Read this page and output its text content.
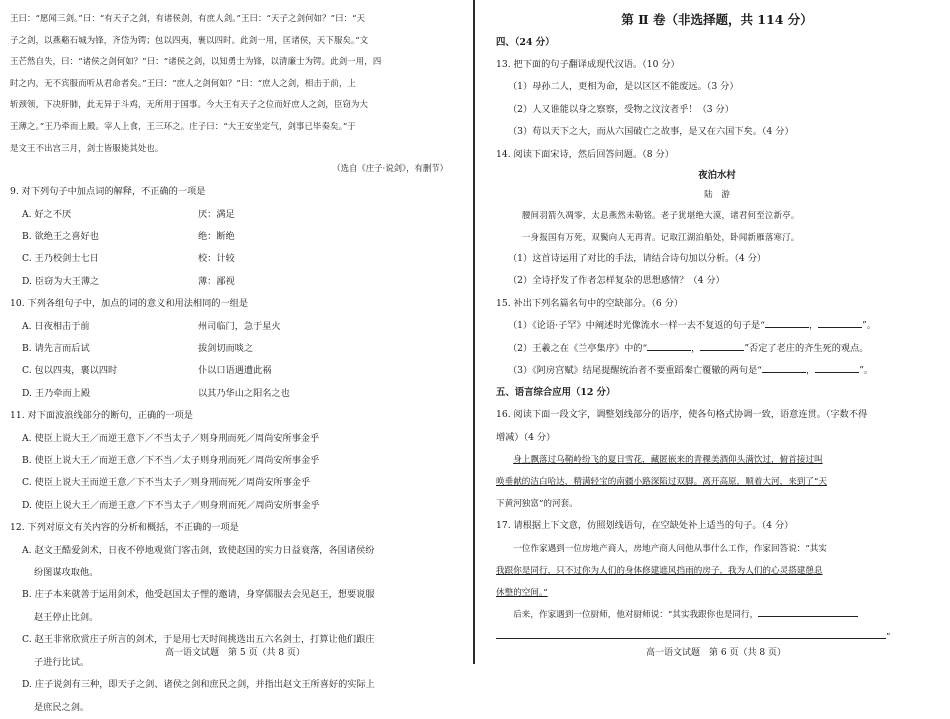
王曰：“愿闻三剑。”曰：“有天子之剑，有诸侯剑，有庶人剑。”王曰：“天子之剑何如？”曰：“天

子之剑，以燕谿石城为锋，齐岱为锷；包以四夷，裹以四时。此剑一用，匡诸侯，天下服矣。”文

王芒然自失，曰：“诸侯之剑何如？”曰：“诸侯之剑，以知勇士为锋，以清廉士为锷。此剑一用，四

时之内，无不宾服而听从君命者矣。”王曰：“庶人之剑何如？”曰：“庶人之剑，相击于前，上

斩颈领，下决肝肺，此无异于斗鸡，无所用于国事。今大王有天子之位而好庶人之剑，臣窃为大

王薄之。”王乃牵而上殿。宰人上食，王三环之。庄子曰：“大王安坐定气，剑事已毕奏矣。”于

是文王不出宫三月，剑士皆服毙其处也。

（选自《庄子·说剑》，有删节）

9. 对下列句子中加点词的解释，不正确的一项是

A. 好之不厌	厌：满足
B. 欲绝王之喜好也	绝：断绝
C. 王乃校剑士七日	校：计较
D. 臣窃为大王薄之	薄：鄙视

10. 下列各组句子中，加点的词的意义和用法相同的一组是

A. 日夜相击于前	州司临门，急于星火
B. 请先言而后试	拔剑切而啖之
C. 包以四夷，裹以四时	仆以口语遇遭此祸
D. 王乃牵而上殿	以其乃华山之阳名之也

11. 对下面波浪线部分的断句，正确的一项是

A. 使臣上说大王／而逆王意下／不当太子／则身刑而死／周尚安所事金乎

B. 使臣上说大王／而逆王意／下不当／太子则身刑而死／周尚安所事金乎

C. 使臣上说大王而逆王意／下不当太子／则身刑而死／周尚安所事金乎

D. 使臣上说大王／而逆王意／下不当太子／则身刑而死／周尚安所事金乎

12. 下列对原文有关内容的分析和概括，不正确的一项是

A. 赵文王酷爱剑术，日夜不停地观赏门客击剑，致使赵国的实力日益衰落，各国诸侯纷
纷图谋攻取他。

B. 庄子本来就善于运用剑术，他受赵国太子悝的邀请，身穿儒服去会见赵王，想要说服
赵王停止比剑。

C. 赵王非常欣赏庄子所言的剑术，于是用七天时间挑选出五六名剑士，打算让他们跟庄
子进行比试。

D. 庄子说剑有三种，即天子之剑、诸侯之剑和庶民之剑，并指出赵文王所喜好的实际上
是庶民之剑。

高一语文试题　第 5 页（共 8 页）

第 Ⅱ 卷（非选择题，共 114 分）

四、（24 分）

13. 把下面的句子翻译成现代汉语。（10 分）

（1）母孙二人，更相为命，是以区区不能废远。（3 分）

（2）人又谁能以身之察察，受物之汶汶者乎！（3 分）

（3）苟以天下之大，而从六国破亡之故事，是又在六国下矣。（4 分）

14. 阅读下面宋诗，然后回答问题。（8 分）

夜泊水村

陆　游

腰间羽箭久凋零，太息燕然未勒铭。老子犹堪绝大漠，诸君何至泣新亭。

一身报国有万死，双鬓向人无再青。记取江湖泊船处，卧闻新雁落寒汀。

（1）这首诗运用了对比的手法，请结合诗句加以分析。（4 分）

（2）全诗抒发了作者怎样复杂的思想感情？（4 分）

15. 补出下列名篇名句中的空缺部分。（6 分）

（1）《论语·子罕》中阐述时光像流水一样一去不复返的句子是“	，	”。

（2）王羲之在《兰亭集序》中的“	，	”否定了老庄的齐生死的观点。

（3）《阿房宫赋》结尾提醒统治者不要重蹈秦亡覆辙的两句是“	，	”。

五、语言综合应用（12 分）

16. 阅读下面一段文字，调整划线部分的语序，使各句格式协调一致，语意连贯。（字数不得

增减）（4 分）

身上飘落过乌鞘岭纷飞的夏日雪花，藏匿嵌来的青稞美酒仰头满饮过，俯首接过叫

唤垂献的洁白哈达，精满轻宝的南疆小路深陷过双脚。离开高原，顺着大河，来到了“天

下黄河独富”的河套。

17. 请根据上下文意，仿照划线语句，在空缺处补上适当的句子。（4 分）

一位作家遇到一位房地产商人，房地产商人问他从事什么工作，作家回答说：“其实

我跟你是同行，只不过你为人们的身体修建遮风挡雨的房子，我为人们的心灵搭建憩息

休整的空间。”

后来，作家遇到一位厨师，他对厨师说：“其实我跟你也是同行，

”

高一语文试题　第 6 页（共 8 页）
